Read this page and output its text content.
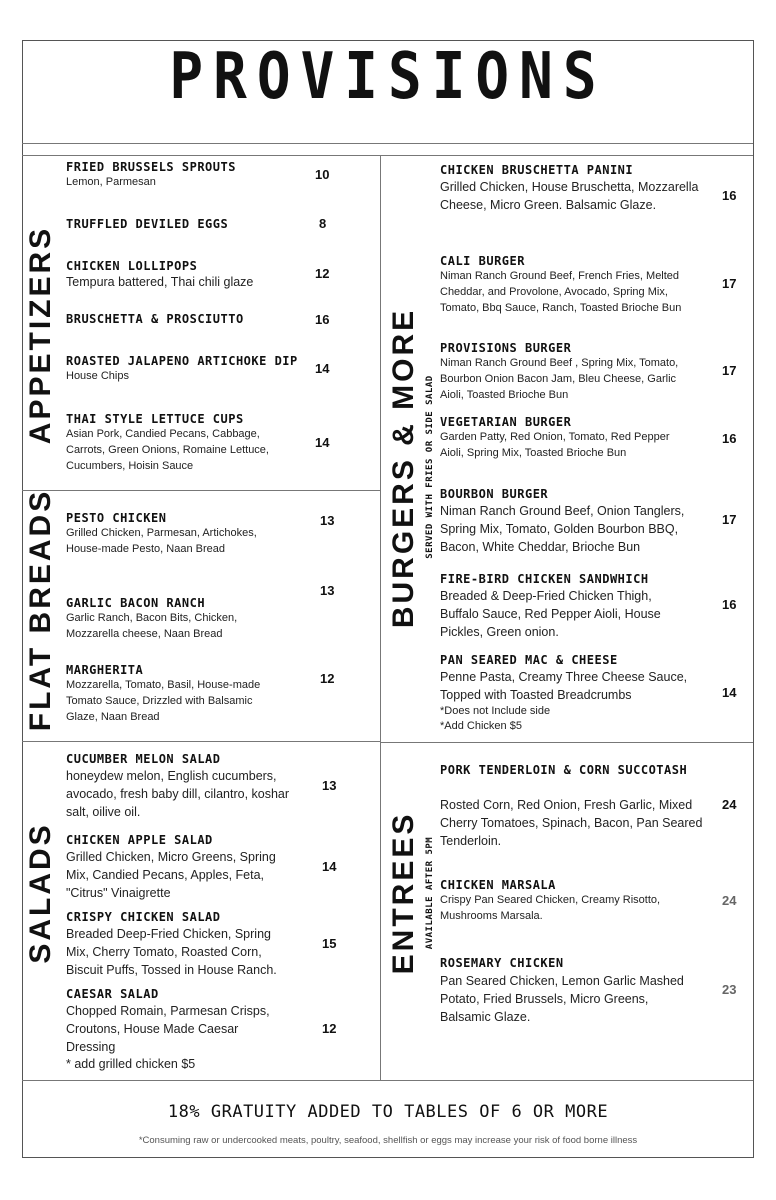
PROVISIONS
APPETIZERS
FLAT BREADS
SALADS
BURGERS & MORE SERVED WITH FRIES OR SIDE SALAD
ENTREES AVAILABLE AFTER 5PM
FRIED BRUSSELS SPROUTS
Lemon, Parmesan	10
TRUFFLED DEVILED EGGS	8
CHICKEN LOLLIPOPS
Tempura battered, Thai chili glaze
12
BRUSCHETTA & PROSCIUTTO	16
ROASTED JALAPENO ARTICHOKE DIP
House Chips	14
THAI STYLE LETTUCE CUPS
Asian Pork, Candied Pecans, Cabbage, Carrots, Green Onions, Romaine Lettuce, Cucumbers, Hoisin Sauce
14
PESTO CHICKEN
Grilled Chicken, Parmesan, Artichokes, House-made Pesto, Naan Bread
13
GARLIC BACON RANCH
Garlic Ranch, Bacon Bits, Chicken, Mozzarella cheese, Naan Bread
13
MARGHERITA
Mozzarella, Tomato, Basil, House-made Tomato Sauce, Drizzled with Balsamic Glaze, Naan Bread
12
CUCUMBER MELON SALAD
honeydew melon, English cucumbers, avocado, fresh baby dill, cilantro, koshar salt, oilive oil.
13
CHICKEN APPLE SALAD
Grilled Chicken, Micro Greens, Spring Mix, Candied Pecans, Apples, Feta, "Citrus" Vinaigrette
14
CRISPY CHICKEN SALAD
Breaded Deep-Fried Chicken, Spring Mix, Cherry Tomato, Roasted Corn, Biscuit Puffs, Tossed in House Ranch.
15
CAESAR SALAD
Chopped Romain, Parmesan Crisps, Croutons, House Made Caesar Dressing
* add grilled chicken $5
12
CHICKEN BRUSCHETTA PANINI
Grilled Chicken, House Bruschetta, Mozzarella Cheese, Micro Green. Balsamic Glaze.
16
CALI BURGER
Niman Ranch Ground Beef, French Fries, Melted Cheddar, and Provolone, Avocado, Spring Mix, Tomato, Bbq Sauce, Ranch, Toasted Brioche Bun
17
PROVISIONS BURGER
Niman Ranch Ground Beef , Spring Mix, Tomato, Bourbon Onion Bacon Jam, Bleu Cheese, Garlic Aioli, Toasted Brioche Bun
17
VEGETARIAN BURGER
Garden Patty, Red Onion, Tomato, Red Pepper Aioli, Spring Mix, Toasted Brioche Bun
16
BOURBON BURGER
Niman Ranch Ground Beef, Onion Tanglers, Spring Mix, Tomato, Golden Bourbon BBQ, Bacon, White Cheddar, Brioche Bun
17
FIRE-BIRD CHICKEN SANDWHICH
Breaded & Deep-Fried Chicken Thigh, Buffalo Sauce, Red Pepper Aioli, House Pickles, Green onion.
16
PAN SEARED MAC & CHEESE
Penne Pasta, Creamy Three Cheese Sauce, Topped with Toasted Breadcrumbs
*Does not Include side
*Add Chicken $5
14
PORK TENDERLOIN & CORN SUCCOTASH
Rosted Corn, Red Onion, Fresh Garlic, Mixed Cherry Tomatoes, Spinach, Bacon, Pan Seared Tenderloin.
24
CHICKEN MARSALA
Crispy Pan Seared Chicken, Creamy Risotto, Mushrooms Marsala.
24
ROSEMARY CHICKEN
Pan Seared Chicken, Lemon Garlic Mashed Potato, Fried Brussels, Micro Greens, Balsamic Glaze.
23
18% GRATUITY ADDED TO TABLES OF 6 OR MORE
*Consuming raw or undercooked meats, poultry, seafood, shellfish or eggs may increase your risk of food borne illness
